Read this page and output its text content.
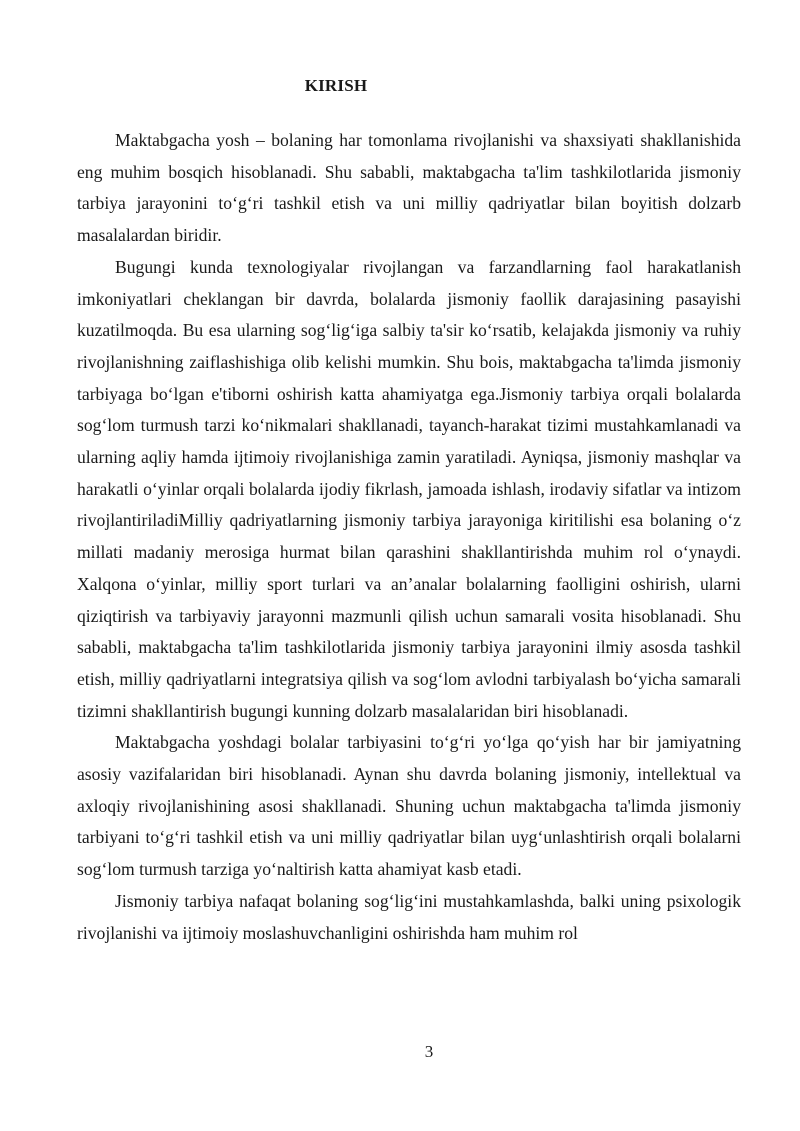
KIRISH

Maktabgacha yosh – bolaning har tomonlama rivojlanishi va shaxsiyati shakllanishida eng muhim bosqich hisoblanadi. Shu sababli, maktabgacha ta'lim tashkilotlarida jismoniy tarbiya jarayonini to‘g‘ri tashkil etish va uni milliy qadriyatlar bilan boyitish dolzarb masalalardan biridir.

Bugungi kunda texnologiyalar rivojlangan va farzandlarning faol harakatlanish imkoniyatlari cheklangan bir davrda, bolalarda jismoniy faollik darajasining pasayishi kuzatilmoqda. Bu esa ularning sog‘lig‘iga salbiy ta'sir ko‘rsatib, kelajakda jismoniy va ruhiy rivojlanishning zaiflashishiga olib kelishi mumkin. Shu bois, maktabgacha ta'limda jismoniy tarbiyaga bo‘lgan e'tiborni oshirish katta ahamiyatga ega.Jismoniy tarbiya orqali bolalarda sog‘lom turmush tarzi ko‘nikmalari shakllanadi, tayanch-harakat tizimi mustahkamlanadi va ularning aqliy hamda ijtimoiy rivojlanishiga zamin yaratiladi. Ayniqsa, jismoniy mashqlar va harakatli o‘yinlar orqali bolalarda ijodiy fikrlash, jamoada ishlash, irodaviy sifatlar va intizom rivojlantiriladiMilliy qadriyatlarning jismoniy tarbiya jarayoniga kiritilishi esa bolaning o‘z millati madaniy merosiga hurmat bilan qarashini shakllantirishda muhim rol o‘ynaydi. Xalqona o‘yinlar, milliy sport turlari va an’analar bolalarning faolligini oshirish, ularni qiziqtirish va tarbiyaviy jarayonni mazmunli qilish uchun samarali vosita hisoblanadi. Shu sababli, maktabgacha ta'lim tashkilotlarida jismoniy tarbiya jarayonini ilmiy asosda tashkil etish, milliy qadriyatlarni integratsiya qilish va sog‘lom avlodni tarbiyalash bo‘yicha samarali tizimni shakllantirish bugungi kunning dolzarb masalalaridan biri hisoblanadi.

Maktabgacha yoshdagi bolalar tarbiyasini to‘g‘ri yo‘lga qo‘yish har bir jamiyatning asosiy vazifalaridan biri hisoblanadi. Aynan shu davrda bolaning jismoniy, intellektual va axloqiy rivojlanishining asosi shakllanadi. Shuning uchun maktabgacha ta'limda jismoniy tarbiyani to‘g‘ri tashkil etish va uni milliy qadriyatlar bilan uyg‘unlashtirish orqali bolalarni sog‘lom turmush tarziga yo‘naltirish katta ahamiyat kasb etadi.

Jismoniy tarbiya nafaqat bolaning sog‘lig‘ini mustahkamlashda, balki uning psixologik rivojlanishi va ijtimoiy moslashuvchanligini oshirishda ham muhim rol

3
